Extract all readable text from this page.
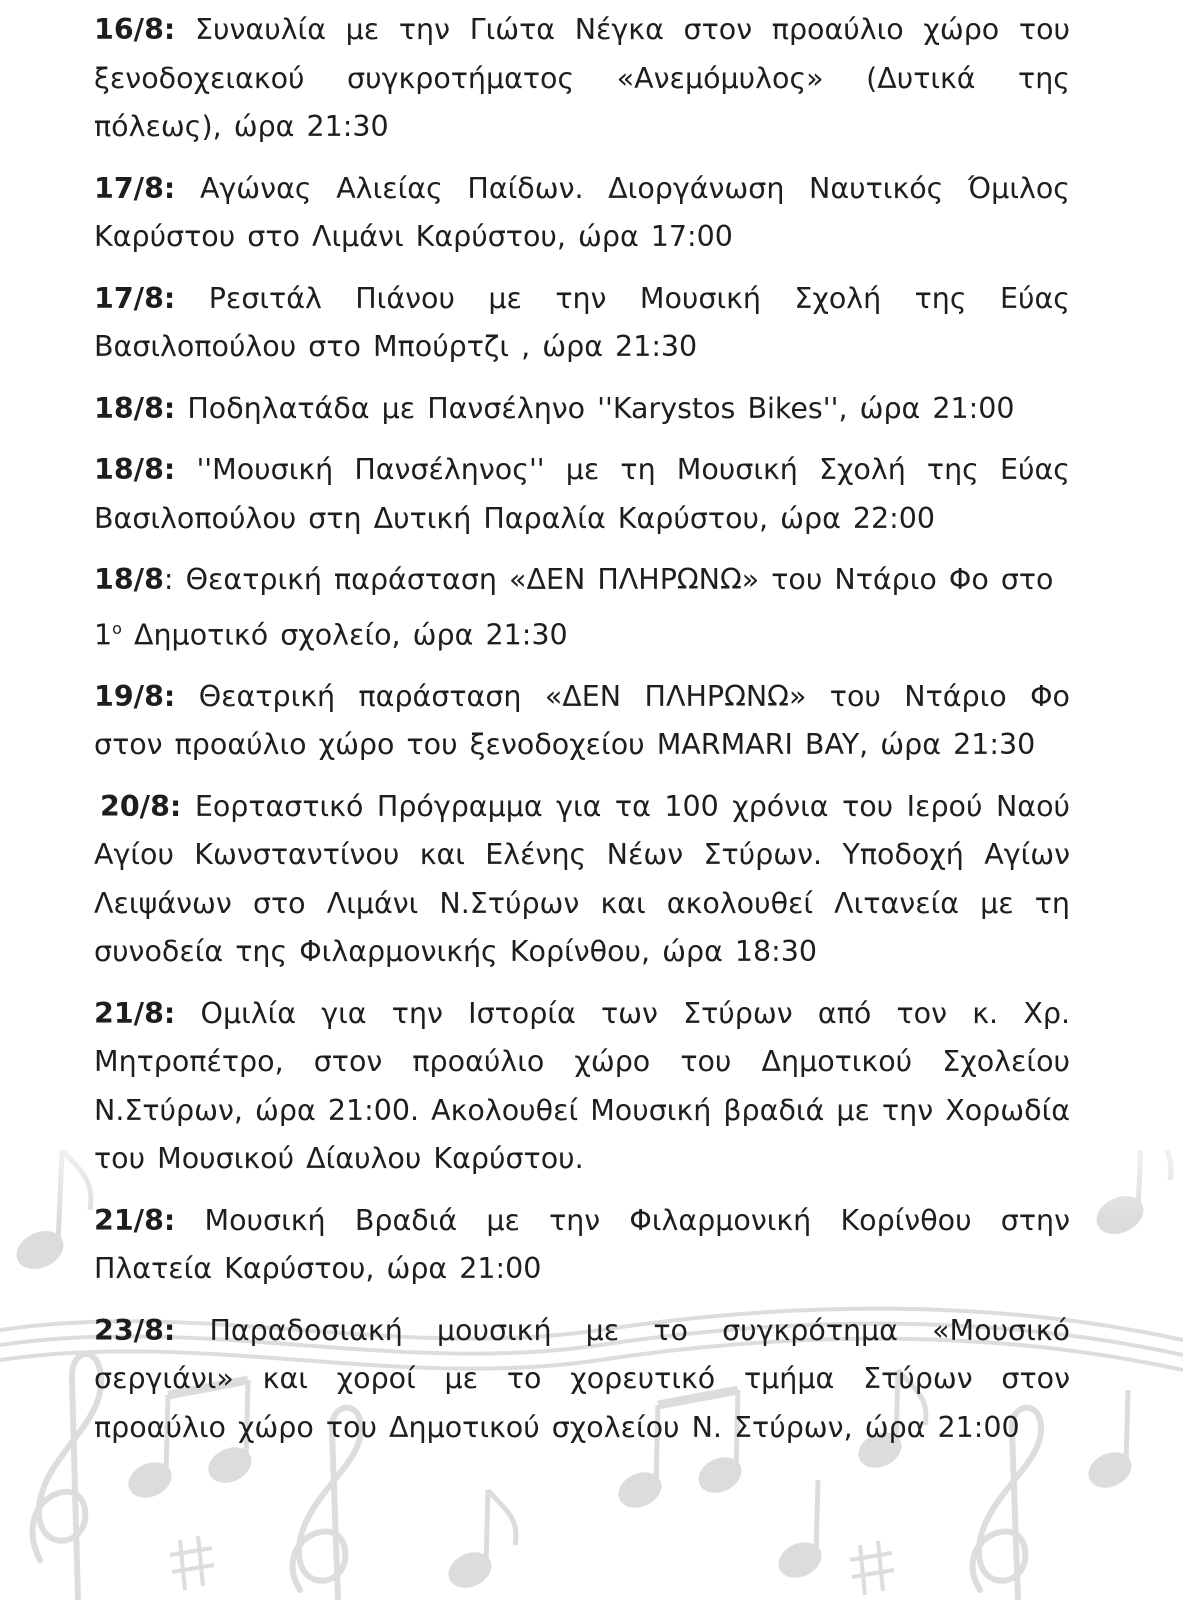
16/8: Συναυλία με την Γιώτα Νέγκα στον προαύλιο χώρο του ξενοδοχειακού συγκροτήματος «Ανεμόμυλος» (Δυτικά της πόλεως), ώρα 21:30

17/8: Αγώνας Αλιείας Παίδων. Διοργάνωση Ναυτικός Όμιλος Καρύστου στο Λιμάνι Καρύστου, ώρα 17:00

17/8: Ρεσιτάλ Πιάνου με την Μουσική Σχολή της Εύας Βασιλοπούλου στο Μπούρτζι , ώρα 21:30

18/8: Ποδηλατάδα με Πανσέληνο ''Karystos Bikes'', ώρα 21:00

18/8: ''Μουσική Πανσέληνος'' με τη Μουσική Σχολή της Εύας Βασιλοπούλου στη Δυτική Παραλία Καρύστου, ώρα 22:00

18/8: Θεατρική παράσταση «ΔΕΝ ΠΛΗΡΩΝΩ» του Ντάριο Φο στο $1^o$ Δημοτικό σχολείο, ώρα 21:30

19/8: Θεατρική παράσταση «ΔΕΝ ΠΛΗΡΩΝΩ» του Ντάριο Φο στον προαύλιο χώρο του ξενοδοχείου MARMARI BAY, ώρα 21:30

20/8: Εορταστικό Πρόγραμμα για τα 100 χρόνια του Ιερού Ναού Αγίου Κωνσταντίνου και Ελένης Νέων Στύρων. Υποδοχή Αγίων Λειψάνων στο Λιμάνι Ν.Στύρων και ακολουθεί Λιτανεία με τη συνοδεία της Φιλαρμονικής Κορίνθου, ώρα 18:30

21/8: Ομιλία για την Ιστορία των Στύρων από τον κ. Χρ. Μητροπέτρο, στον προαύλιο χώρο του Δημοτικού Σχολείου Ν.Στύρων, ώρα 21:00. Ακολουθεί Μουσική βραδιά με την Χορωδία του Μουσικού Δίαυλου Καρύστου.

21/8: Μουσική Βραδιά με την Φιλαρμονική Κορίνθου στην Πλατεία Καρύστου, ώρα 21:00

23/8: Παραδοσιακή μουσική με το συγκρότημα «Μουσικό σεργιάνι» και χοροί με το χορευτικό τμήμα Στύρων στον προαύλιο χώρο του Δημοτικού σχολείου Ν. Στύρων, ώρα 21:00
